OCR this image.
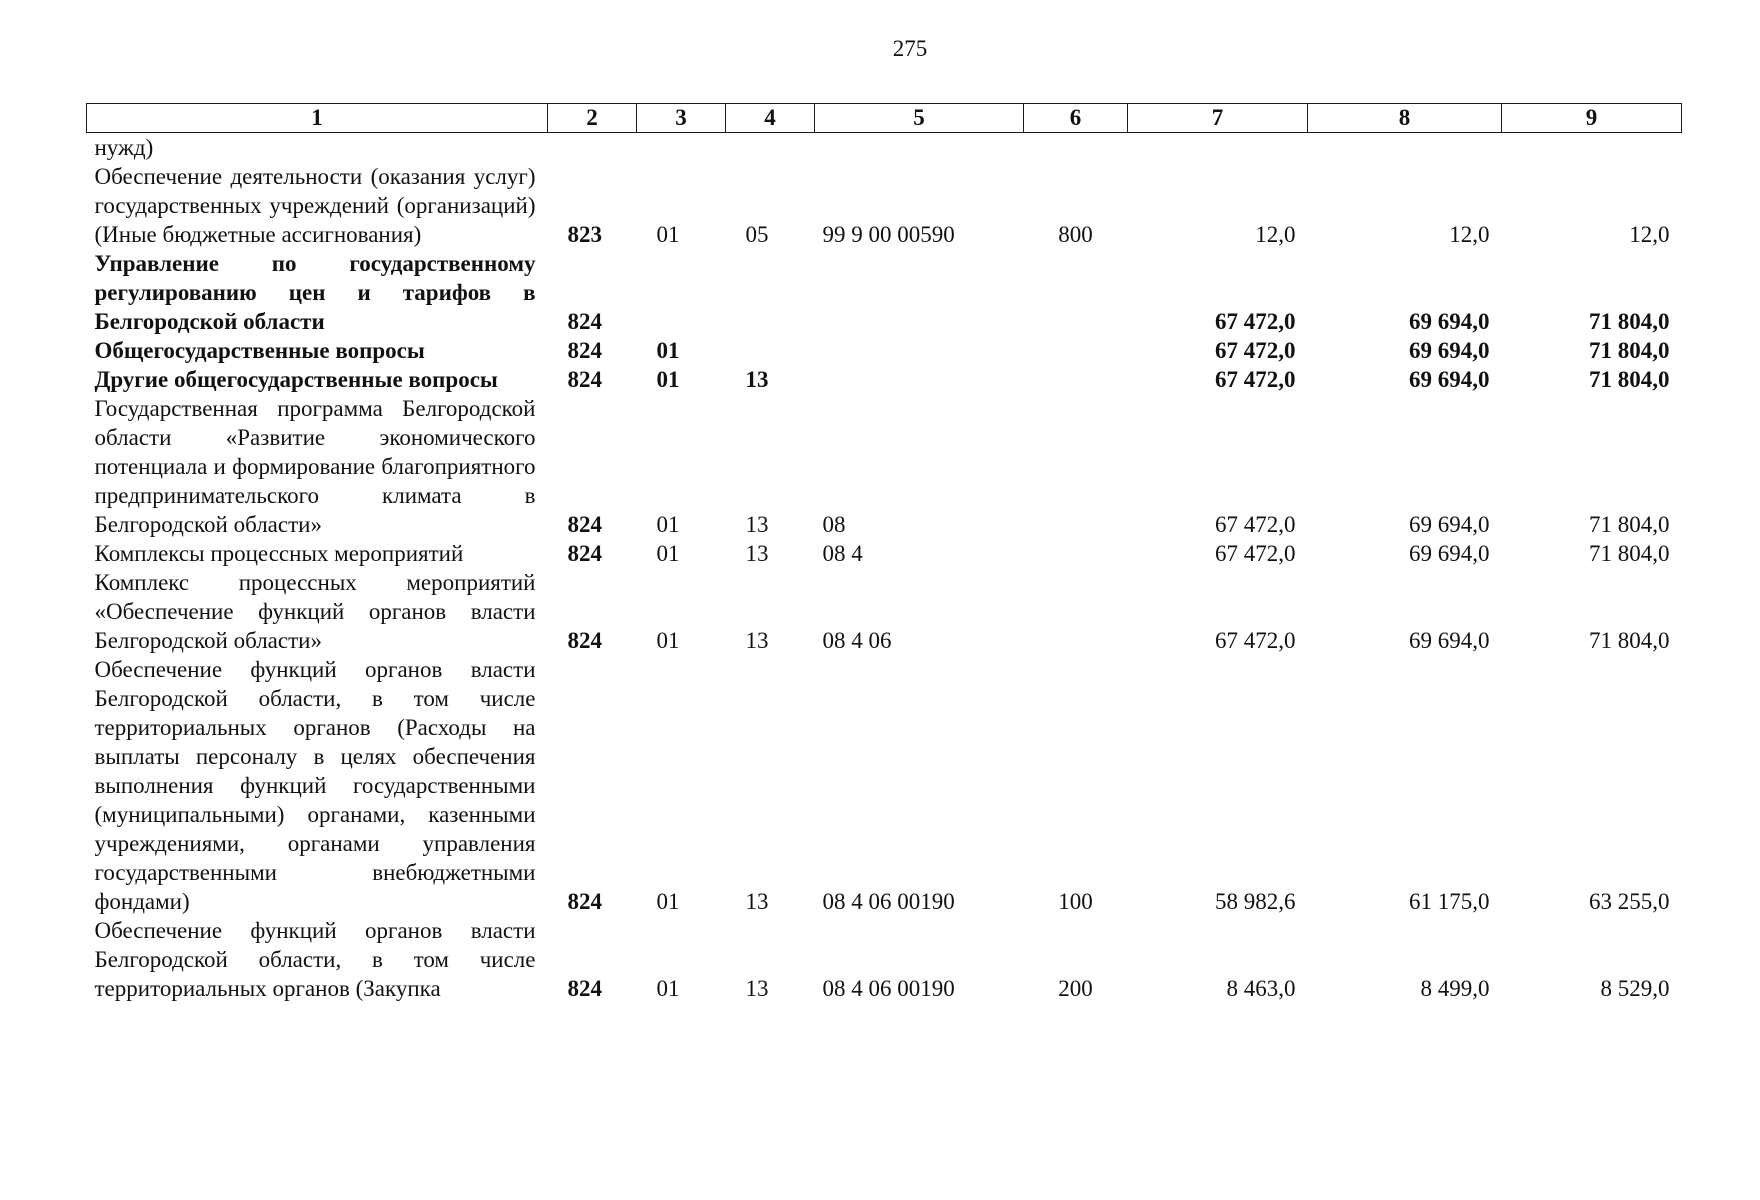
275
1	2	3	4	5	6	7	8	9
нужд)								
Обеспечение деятельности (оказания услуг) государственных учреждений (организаций) (Иные бюджетные ассигнования)	823	01	05	99 9 00 00590	800	12,0	12,0	12,0
Управление по государственному регулированию цен и тарифов в Белгородской области	824					67 472,0	69 694,0	71 804,0
Общегосударственные вопросы	824	01				67 472,0	69 694,0	71 804,0
Другие общегосударственные вопросы	824	01	13			67 472,0	69 694,0	71 804,0
Государственная программа Белгородской области «Развитие экономического потенциала и формирование благоприятного предпринимательского климата в Белгородской области»	824	01	13	08		67 472,0	69 694,0	71 804,0
Комплексы процессных мероприятий	824	01	13	08 4		67 472,0	69 694,0	71 804,0
Комплекс процессных мероприятий «Обеспечение функций органов власти Белгородской области»	824	01	13	08 4 06		67 472,0	69 694,0	71 804,0
Обеспечение функций органов власти Белгородской области, в том числе территориальных органов (Расходы на выплаты персоналу в целях обеспечения выполнения функций государственными (муниципальными) органами, казенными учреждениями, органами управления государственными внебюджетными фондами)	824	01	13	08 4 06 00190	100	58 982,6	61 175,0	63 255,0
Обеспечение функций органов власти Белгородской области, в том числе территориальных органов (Закупка	824	01	13	08 4 06 00190	200	8 463,0	8 499,0	8 529,0
